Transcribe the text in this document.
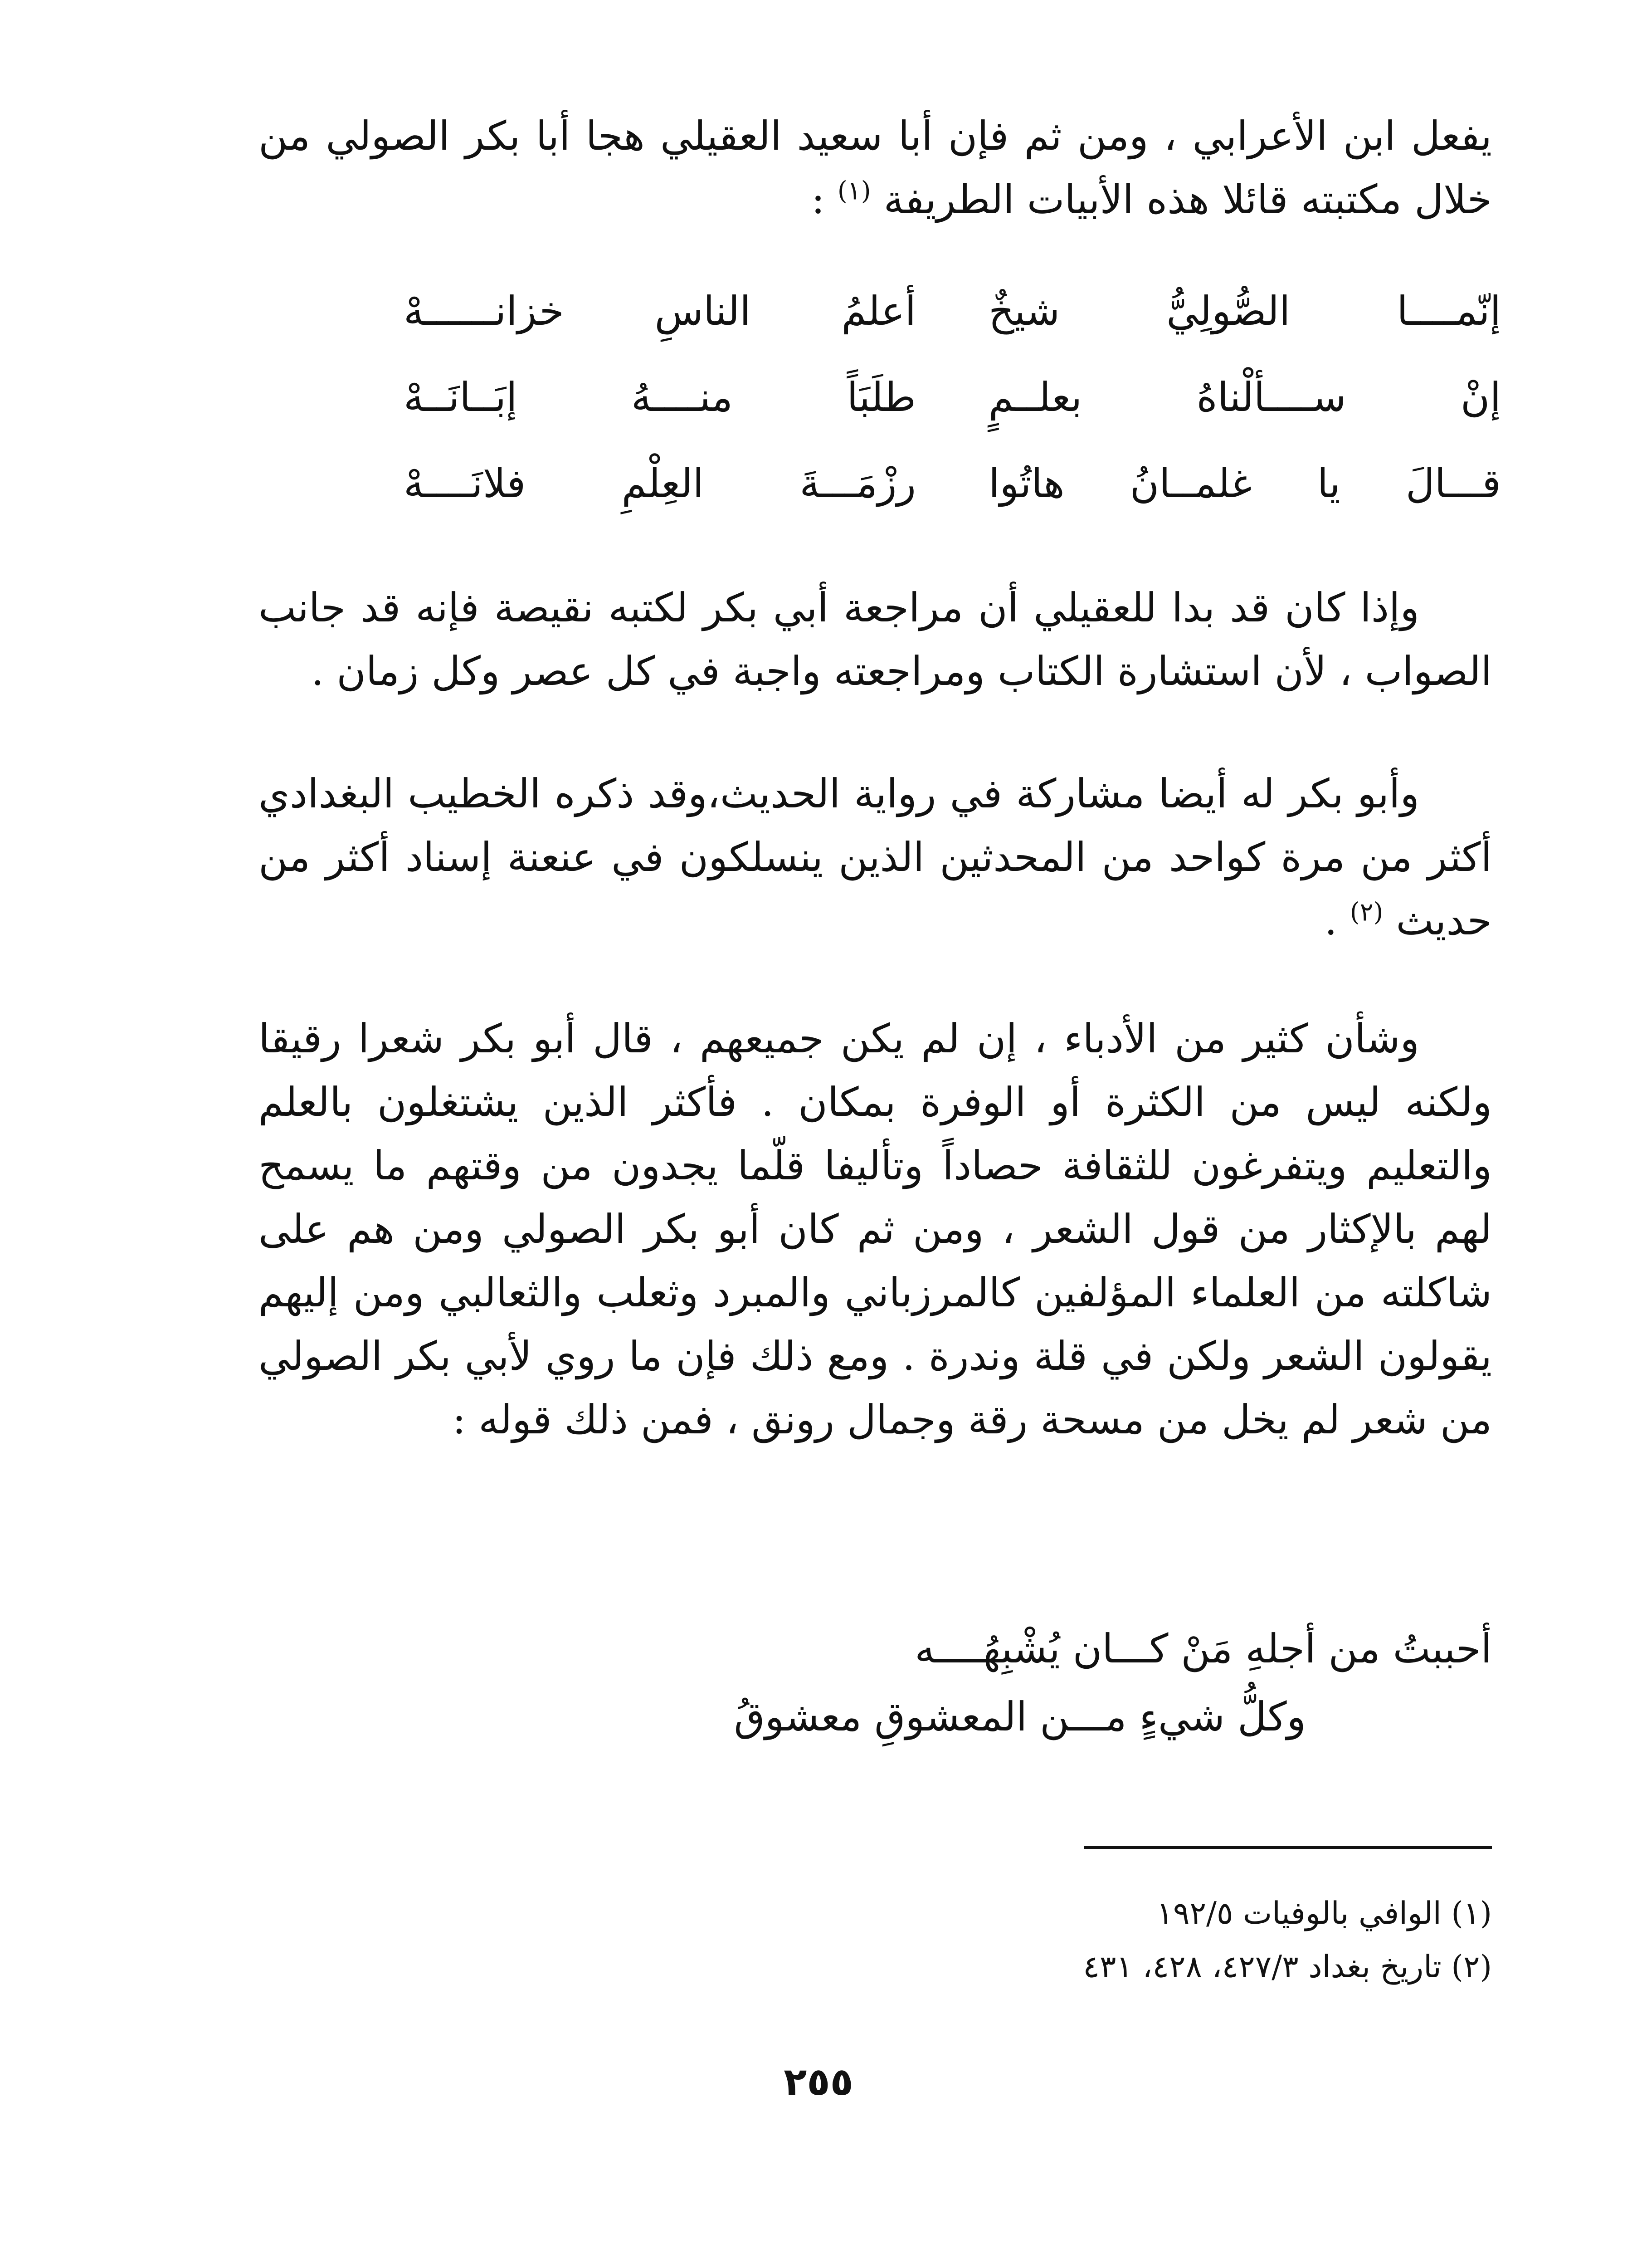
يفعل ابن الأعرابي ، ومن ثم فإن أبا سعيد العقيلي هجا أبا بكر الصولي من خلال مكتبته قائلا هذه الأبيات الطريفة $^{(١)}$ :

إنّمــــا الصُّولِيُّ شيخٌ
أعلمُ الناسِ خزانــــــهْ
إنْ ســــألْناهُ بعلــمٍ
طلَبَاً منــــهُ إبَــانَــهْ
قـــالَ يا غلمــانُ هاتُوا
رزْمَـــةَ العِلْمِ فلانَــــهْ

وإذا كان قد بدا للعقيلي أن مراجعة أبي بكر لكتبه نقيصة فإنه قد جانب الصواب ، لأن استشارة الكتاب ومراجعته واجبة في كل عصر وكل زمان .

وأبو بكر له أيضا مشاركة في رواية الحديث،وقد ذكره الخطيب البغدادي أكثر من مرة كواحد من المحدثين الذين ينسلكون في عنعنة إسناد أكثر من حديث $^{(٢)}$ .

وشأن كثير من الأدباء ، إن لم يكن جميعهم ، قال أبو بكر شعرا رقيقا ولكنه ليس من الكثرة أو الوفرة بمكان . فأكثر الذين يشتغلون بالعلم والتعليم ويتفرغون للثقافة حصاداً وتأليفا قلّما يجدون من وقتهم ما يسمح لهم بالإكثار من قول الشعر ، ومن ثم كان أبو بكر الصولي ومن هم على شاكلته من العلماء المؤلفين كالمرزباني والمبرد وثعلب والثعالبي ومن إليهم يقولون الشعر ولكن في قلة وندرة . ومع ذلك فإن ما روي لأبي بكر الصولي من شعر لم يخل من مسحة رقة وجمال رونق ، فمن ذلك قوله :

أحببتُ من أجلهِ مَنْ كـــان يُشْبِهُــــه
وكلُّ شيءٍ مـــن المعشوقِ معشوقُ
(١) الوافي بالوفيات ١٩٢/٥
(٢) تاريخ بغداد ٤٢٧/٣، ٤٢٨، ٤٣١
٢٥٥
